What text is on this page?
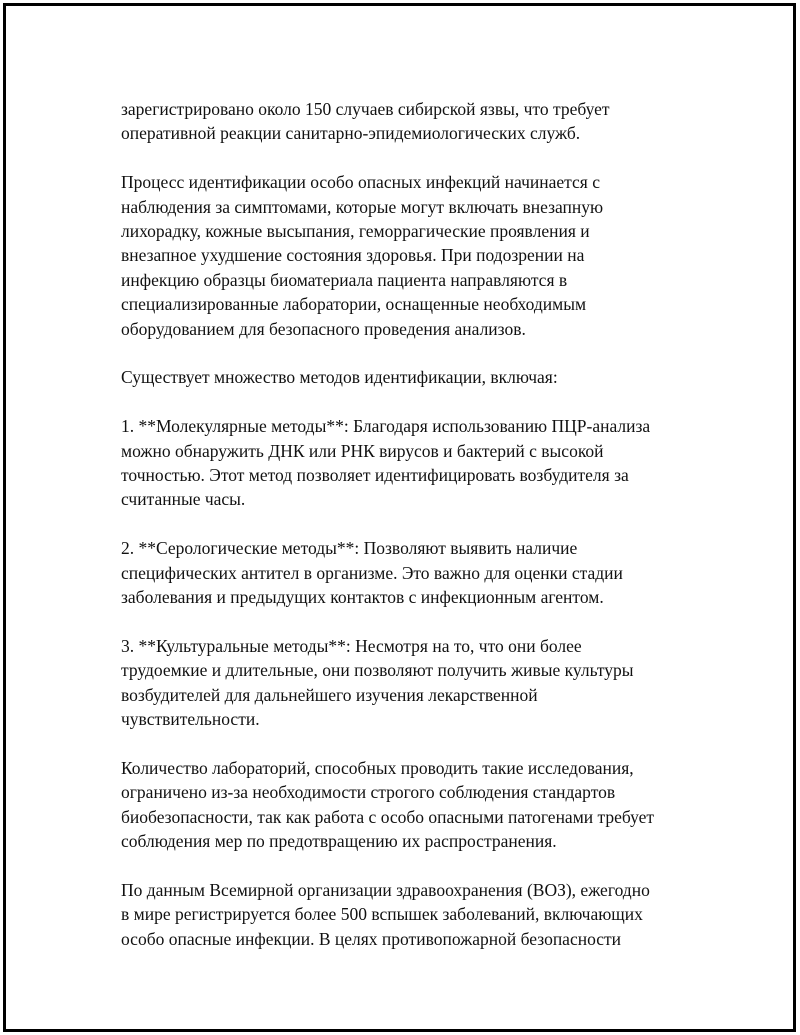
зарегистрировано около 150 случаев сибирской язвы, что требует
оперативной реакции санитарно-эпидемиологических служб.

Процесс идентификации особо опасных инфекций начинается с
наблюдения за симптомами, которые могут включать внезапную
лихорадку, кожные высыпания, геморрагические проявления и
внезапное ухудшение состояния здоровья. При подозрении на
инфекцию образцы биоматериала пациента направляются в
специализированные лаборатории, оснащенные необходимым
оборудованием для безопасного проведения анализов.

Существует множество методов идентификации, включая:

1. **Молекулярные методы**: Благодаря использованию ПЦР-анализа
можно обнаружить ДНК или РНК вирусов и бактерий с высокой
точностью. Этот метод позволяет идентифицировать возбудителя за
считанные часы.

2. **Серологические методы**: Позволяют выявить наличие
специфических антител в организме. Это важно для оценки стадии
заболевания и предыдущих контактов с инфекционным агентом.

3. **Культуральные методы**: Несмотря на то, что они более
трудоемкие и длительные, они позволяют получить живые культуры
возбудителей для дальнейшего изучения лекарственной
чувствительности.

Количество лабораторий, способных проводить такие исследования,
ограничено из-за необходимости строгого соблюдения стандартов
биобезопасности, так как работа с особо опасными патогенами требует
соблюдения мер по предотвращению их распространения.

По данным Всемирной организации здравоохранения (ВОЗ), ежегодно
в мире регистрируется более 500 вспышек заболеваний, включающих
особо опасные инфекции. В целях противопожарной безопасности
